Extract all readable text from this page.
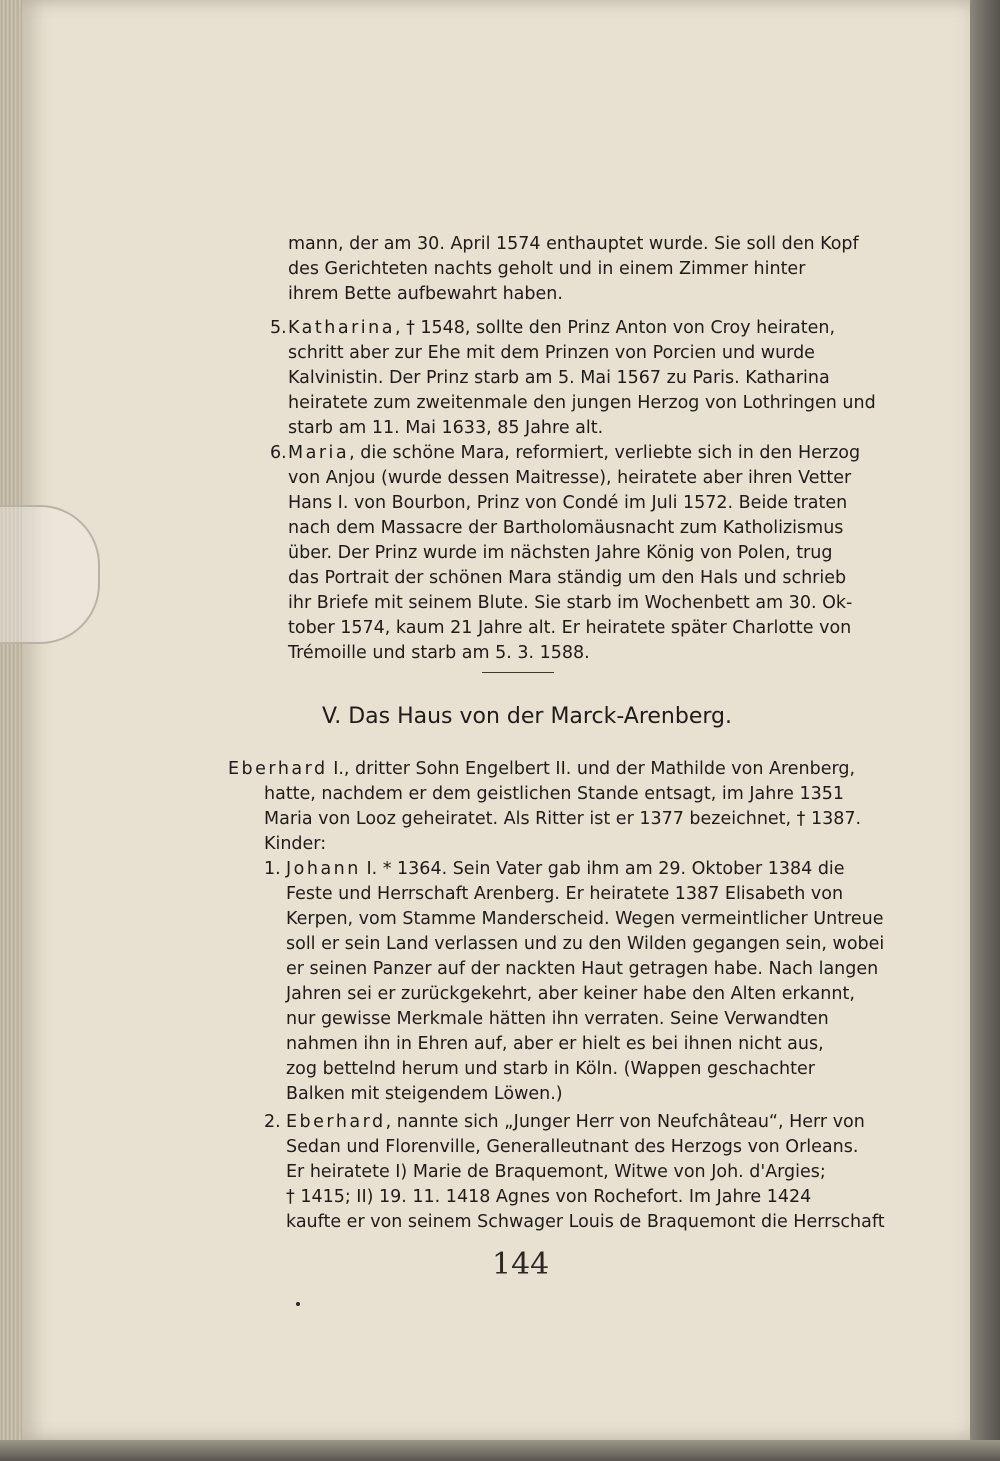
mann, der am 30. April 1574 enthauptet wurde. Sie soll den Kopf
des Gerichteten nachts geholt und in einem Zimmer hinter
ihrem Bette aufbewahrt haben.
5. Katharina, † 1548, sollte den Prinz Anton von Croy heiraten,
schritt aber zur Ehe mit dem Prinzen von Porcien und wurde
Kalvinistin. Der Prinz starb am 5. Mai 1567 zu Paris. Katharina
heiratete zum zweitenmale den jungen Herzog von Lothringen und
starb am 11. Mai 1633, 85 Jahre alt.
6. Maria, die schöne Mara, reformiert, verliebte sich in den Herzog
von Anjou (wurde dessen Maitresse), heiratete aber ihren Vetter
Hans I. von Bourbon, Prinz von Condé im Juli 1572. Beide traten
nach dem Massacre der Bartholomäusnacht zum Katholizismus
über. Der Prinz wurde im nächsten Jahre König von Polen, trug
das Portrait der schönen Mara ständig um den Hals und schrieb
ihr Briefe mit seinem Blute. Sie starb im Wochenbett am 30. Ok-
tober 1574, kaum 21 Jahre alt. Er heiratete später Charlotte von
Trémoille und starb am 5. 3. 1588.
V. Das Haus von der Marck-Arenberg.
Eberhard I., dritter Sohn Engelbert II. und der Mathilde von Arenberg,
hatte, nachdem er dem geistlichen Stande entsagt, im Jahre 1351
Maria von Looz geheiratet. Als Ritter ist er 1377 bezeichnet, † 1387.
Kinder:
1. Johann I. * 1364. Sein Vater gab ihm am 29. Oktober 1384 die
Feste und Herrschaft Arenberg. Er heiratete 1387 Elisabeth von
Kerpen, vom Stamme Manderscheid. Wegen vermeintlicher Untreue
soll er sein Land verlassen und zu den Wilden gegangen sein, wobei
er seinen Panzer auf der nackten Haut getragen habe. Nach langen
Jahren sei er zurückgekehrt, aber keiner habe den Alten erkannt,
nur gewisse Merkmale hätten ihn verraten. Seine Verwandten
nahmen ihn in Ehren auf, aber er hielt es bei ihnen nicht aus,
zog bettelnd herum und starb in Köln. (Wappen geschachter
Balken mit steigendem Löwen.)
2. Eberhard, nannte sich „Junger Herr von Neufchâteau“, Herr von
Sedan und Florenville, Generalleutnant des Herzogs von Orleans.
Er heiratete I) Marie de Braquemont, Witwe von Joh. d'Argies;
† 1415; II) 19. 11. 1418 Agnes von Rochefort. Im Jahre 1424
kaufte er von seinem Schwager Louis de Braquemont die Herrschaft
144
